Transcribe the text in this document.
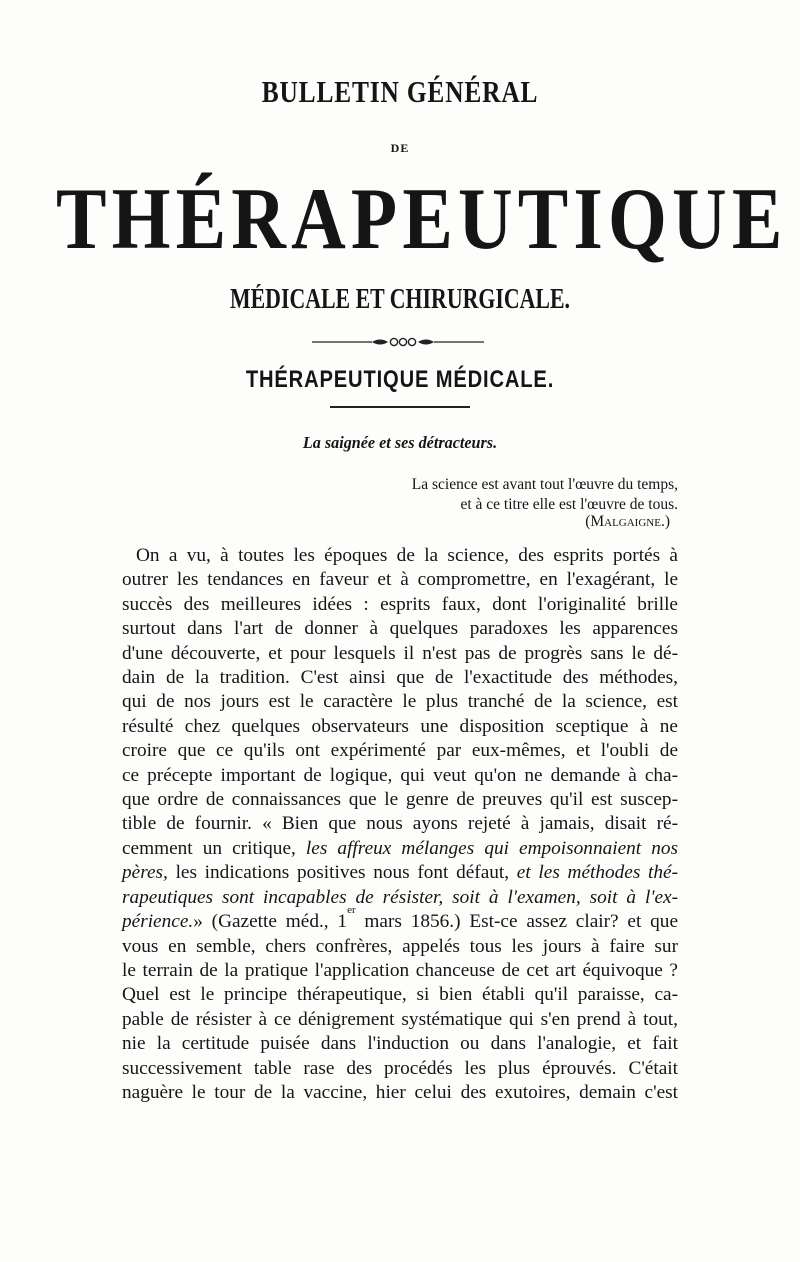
BULLETIN GÉNÉRAL
DE
THÉRAPEUTIQUE
MÉDICALE ET CHIRURGICALE.
THÉRAPEUTIQUE MÉDICALE.
La saignée et ses détracteurs.
La science est avant tout l'œuvre du temps,
et à ce titre elle est l'œuvre de tous.
(Malgaigne.)
On a vu, à toutes les époques de la science, des esprits portés à
outrer les tendances en faveur et à compromettre, en l'exagérant, le
succès des meilleures idées : esprits faux, dont l'originalité brille
surtout dans l'art de donner à quelques paradoxes les apparences
d'une découverte, et pour lesquels il n'est pas de progrès sans le dé-
dain de la tradition. C'est ainsi que de l'exactitude des méthodes,
qui de nos jours est le caractère le plus tranché de la science, est
résulté chez quelques observateurs une disposition sceptique à ne
croire que ce qu'ils ont expérimenté par eux-mêmes, et l'oubli de
ce précepte important de logique, qui veut qu'on ne demande à cha-
que ordre de connaissances que le genre de preuves qu'il est suscep-
tible de fournir. « Bien que nous ayons rejeté à jamais, disait ré-
cemment un critique, les affreux mélanges qui empoisonnaient nos
pères, les indications positives nous font défaut, et les méthodes thé-
rapeutiques sont incapables de résister, soit à l'examen, soit à l'ex-
périence.» (Gazette méd., 1er mars 1856.) Est-ce assez clair? et que
vous en semble, chers confrères, appelés tous les jours à faire sur
le terrain de la pratique l'application chanceuse de cet art équivoque ?
Quel est le principe thérapeutique, si bien établi qu'il paraisse, ca-
pable de résister à ce dénigrement systématique qui s'en prend à tout,
nie la certitude puisée dans l'induction ou dans l'analogie, et fait
successivement table rase des procédés les plus éprouvés. C'était
naguère le tour de la vaccine, hier celui des exutoires, demain c'est
